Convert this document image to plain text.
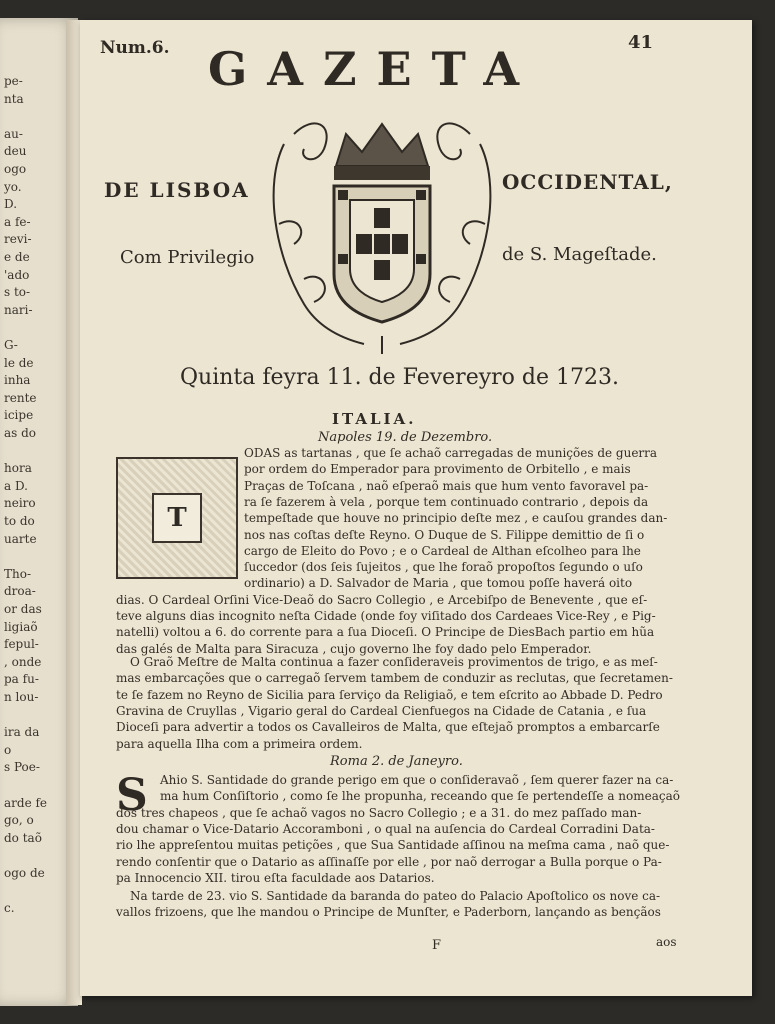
pe-
nta
au-
deu
ogo
yo.
D.
a fe-
revi-
e de
'ado
s to-
nari-
G-
le de
inha
rente
icipe
as do
hora
a D.
neiro
to do
uarte
Tho-
droa-
or das
ligiaõ
fepul-
, onde
pa fu-
n lou-
ira da
o
s Poe-
arde fe
go, o
do taõ
ogo de
c.
Num.6.	41
GAZETA
DE LISBOA	OCCIDENTAL,
Com Privilegio	de S. Mageſtade.
Quinta feyra 11. de Fevereyro de 1723.
ITALIA.
Napoles 19. de Dezembro.
T
ODAS as tartanas , que ſe achaõ carregadas de munições de guerra
por ordem do Emperador para provimento de Orbitello , e mais
Praças de Toſcana , naõ eſperaõ mais que hum vento favoravel pa-
ra ſe fazerem à vela , porque tem continuado contrario , depois da
tempeſtade que houve no principio deſte mez , e cauſou grandes dan-
nos nas coſtas deſte Reyno. O Duque de S. Filippe demittio de ſi o
cargo de Eleito do Povo ; e o Cardeal de Althan eſcolheo para lhe
ſuccedor (dos ſeis ſujeitos , que lhe foraõ propoſtos ſegundo o uſo
ordinario) a D. Salvador de Maria , que tomou poſſe haverá oito
dias. O Cardeal Orſini Vice-Deaõ do Sacro Collegio , e Arcebiſpo de Benevente , que eſ-
teve alguns dias incognito neſta Cidade (onde foy viſitado dos Cardeaes Vice-Rey , e Pig-
natelli) voltou a 6. do corrente para a ſua Dioceſi. O Principe de DiesBach partio em hũa
das galés de Malta para Siracuza , cujo governo lhe foy dado pelo Emperador.
O Graõ Meſtre de Malta continua a fazer conſideraveis provimentos de trigo, e as meſ-
mas embarcações que o carregaõ ſervem tambem de conduzir as reclutas, que ſecretamen-
te ſe fazem no Reyno de Sicilia para ſerviço da Religiaõ, e tem eſcrito ao Abbade D. Pedro
Gravina de Cruyllas , Vigario geral do Cardeal Cienfuegos na Cidade de Catania , e ſua
Dioceſi para advertir a todos os Cavalleiros de Malta, que eſtejaõ promptos a embarcarſe
para aquella Ilha com a primeira ordem.
Roma 2. de Janeyro.
S Ahio S. Santidade do grande perigo em que o conſideravaõ , ſem querer fazer na ca-
ma hum Conſiſtorio , como ſe lhe propunha, receando que ſe pertendeſſe a nomeaçaõ
dos tres chapeos , que ſe achaõ vagos no Sacro Collegio ; e a 31. do mez paſſado man-
dou chamar o Vice-Datario Accoramboni , o qual na auſencia do Cardeal Corradini Data-
rio lhe appreſentou muitas petições , que Sua Santidade aſſinou na meſma cama , naõ que-
rendo conſentir que o Datario as aſſinaſſe por elle , por naõ derrogar a Bulla porque o Pa-
pa Innocencio XII. tirou eſta faculdade aos Datarios.
Na tarde de 23. vio S. Santidade da baranda do pateo do Palacio Apoſtolico os nove ca-
vallos frizoens, que lhe mandou o Principe de Munſter, e Paderborn, lançando as bençãos
F	aos
